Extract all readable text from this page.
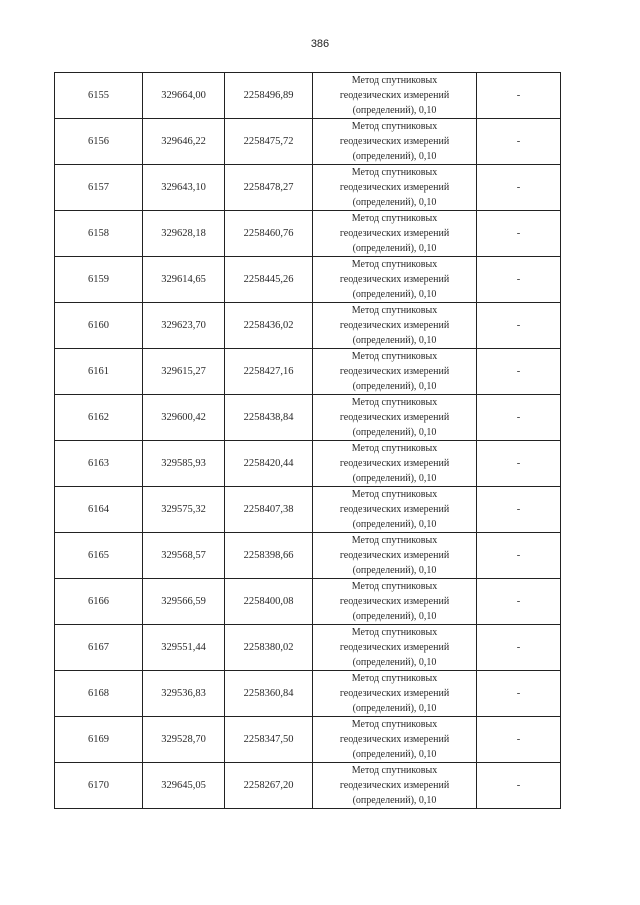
386
6155	329664,00	2258496,89	Метод спутниковых
геодезических измерений
(определений), 0,10	-
6156	329646,22	2258475,72	Метод спутниковых
геодезических измерений
(определений), 0,10	-
6157	329643,10	2258478,27	Метод спутниковых
геодезических измерений
(определений), 0,10	-
6158	329628,18	2258460,76	Метод спутниковых
геодезических измерений
(определений), 0,10	-
6159	329614,65	2258445,26	Метод спутниковых
геодезических измерений
(определений), 0,10	-
6160	329623,70	2258436,02	Метод спутниковых
геодезических измерений
(определений), 0,10	-
6161	329615,27	2258427,16	Метод спутниковых
геодезических измерений
(определений), 0,10	-
6162	329600,42	2258438,84	Метод спутниковых
геодезических измерений
(определений), 0,10	-
6163	329585,93	2258420,44	Метод спутниковых
геодезических измерений
(определений), 0,10	-
6164	329575,32	2258407,38	Метод спутниковых
геодезических измерений
(определений), 0,10	-
6165	329568,57	2258398,66	Метод спутниковых
геодезических измерений
(определений), 0,10	-
6166	329566,59	2258400,08	Метод спутниковых
геодезических измерений
(определений), 0,10	-
6167	329551,44	2258380,02	Метод спутниковых
геодезических измерений
(определений), 0,10	-
6168	329536,83	2258360,84	Метод спутниковых
геодезических измерений
(определений), 0,10	-
6169	329528,70	2258347,50	Метод спутниковых
геодезических измерений
(определений), 0,10	-
6170	329645,05	2258267,20	Метод спутниковых
геодезических измерений
(определений), 0,10	-
